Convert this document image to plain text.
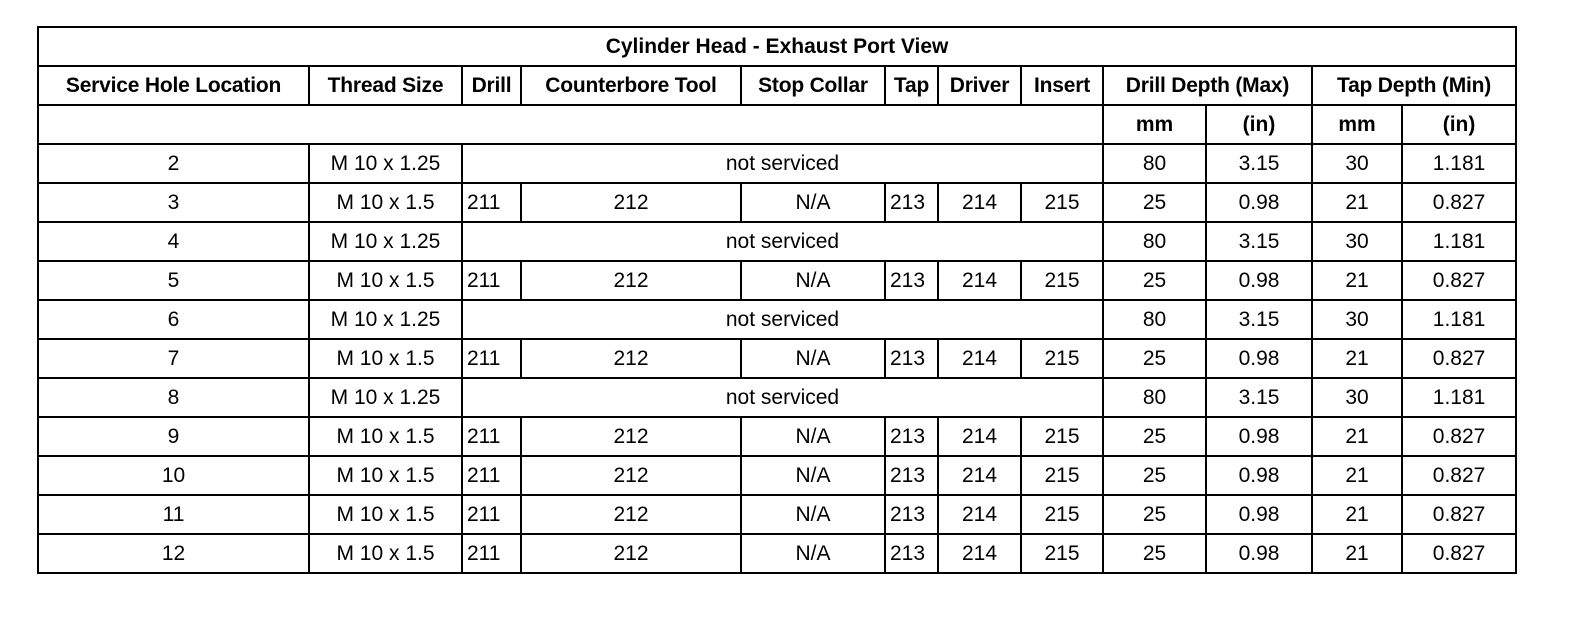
Cylinder Head - Exhaust Port View											
Service Hole Location	Thread Size	Drill	Counterbore Tool	Stop Collar	Tap	Driver	Insert	Drill Depth (Max)		Tap Depth (Min)	
								mm	(in)	mm	(in)
2	M 10 x 1.25	not serviced						80	3.15	30	1.181
3	M 10 x 1.5	211	212	N/A	213	214	215	25	0.98	21	0.827
4	M 10 x 1.25	not serviced						80	3.15	30	1.181
5	M 10 x 1.5	211	212	N/A	213	214	215	25	0.98	21	0.827
6	M 10 x 1.25	not serviced						80	3.15	30	1.181
7	M 10 x 1.5	211	212	N/A	213	214	215	25	0.98	21	0.827
8	M 10 x 1.25	not serviced						80	3.15	30	1.181
9	M 10 x 1.5	211	212	N/A	213	214	215	25	0.98	21	0.827
10	M 10 x 1.5	211	212	N/A	213	214	215	25	0.98	21	0.827
11	M 10 x 1.5	211	212	N/A	213	214	215	25	0.98	21	0.827
12	M 10 x 1.5	211	212	N/A	213	214	215	25	0.98	21	0.827
